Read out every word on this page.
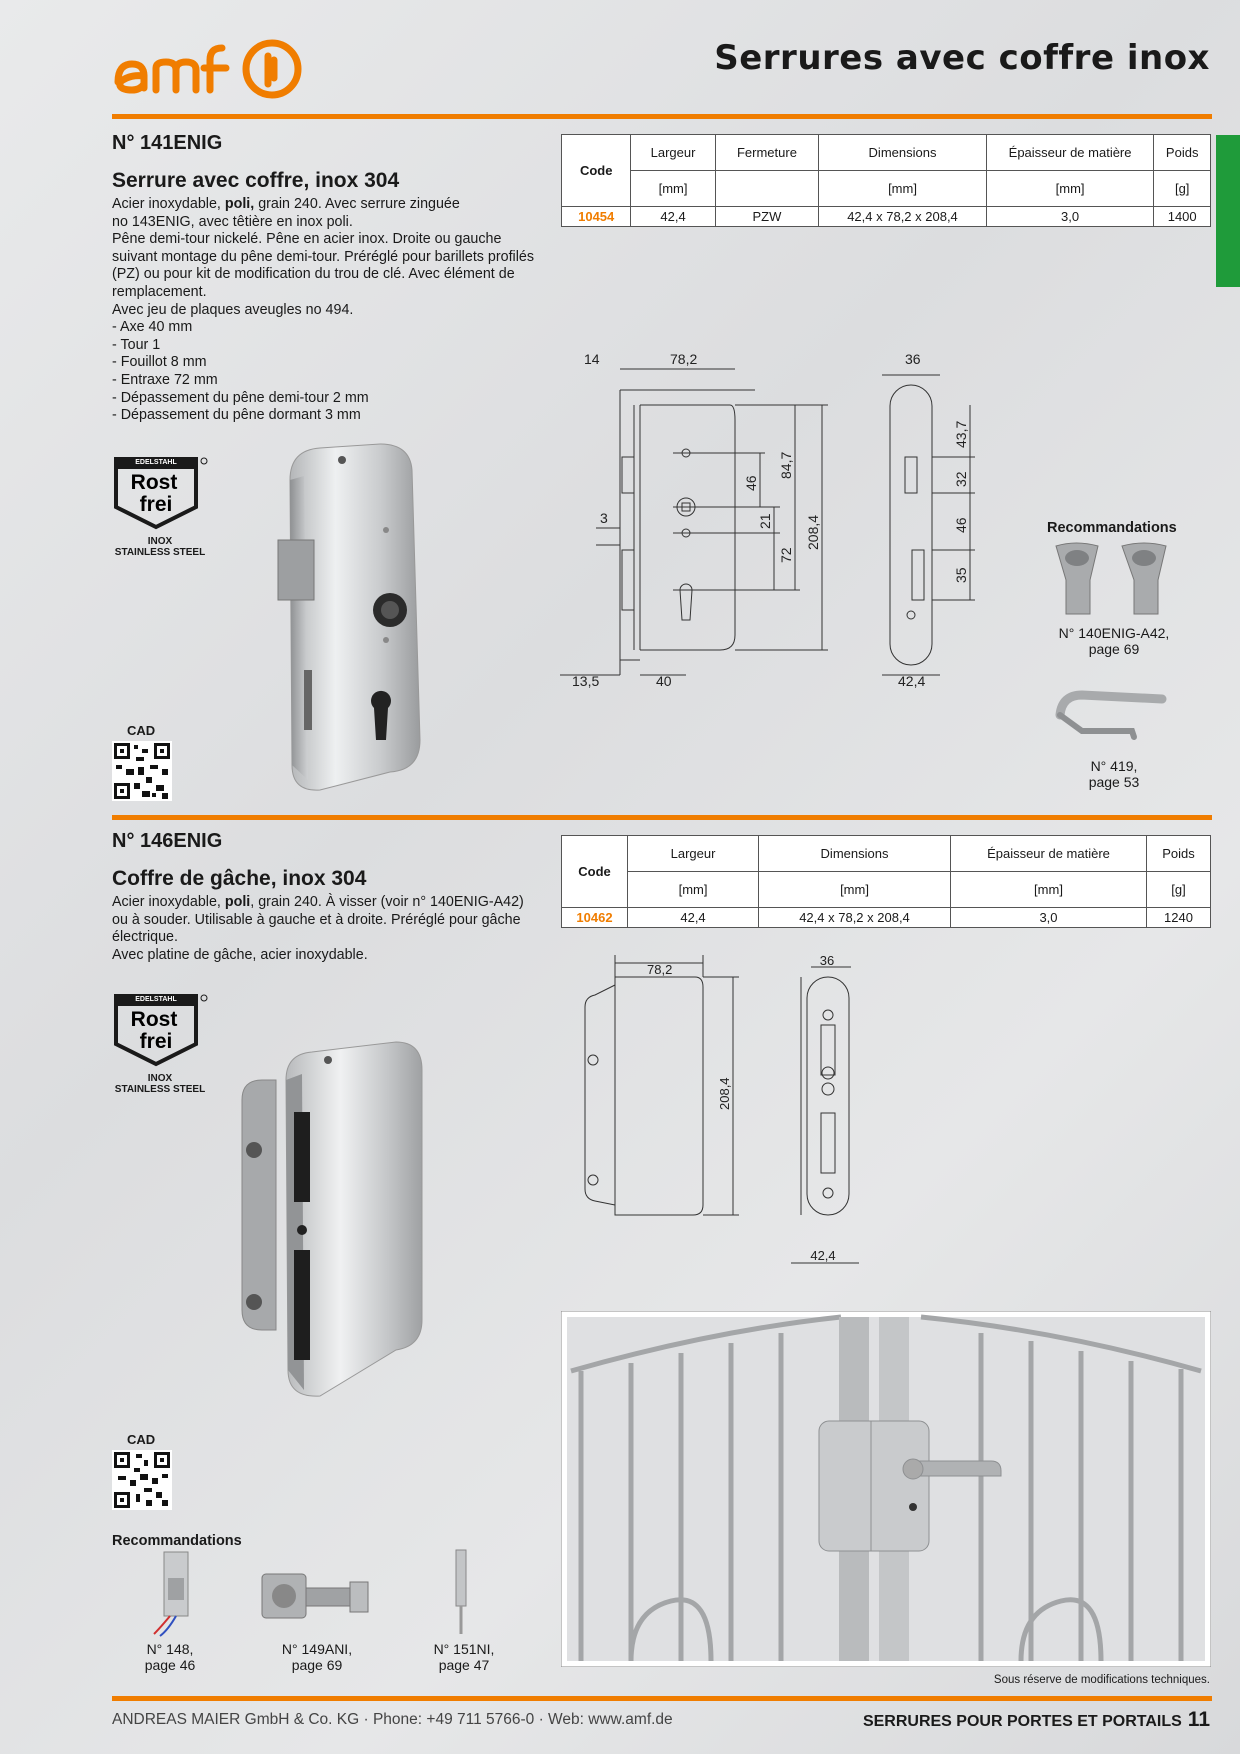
Serrures avec coffre inox
N° 141ENIG
Serrure avec coffre, inox 304
Acier inoxydable, poli, grain 240. Avec serrure zinguée
no 143ENIG, avec têtière en inox poli.
Pêne demi-tour nickelé. Pêne en acier inox. Droite ou gauche
suivant montage du pêne demi-tour. Préréglé pour barillets profilés
(PZ) ou pour kit de modification du trou de clé. Avec élément de
remplacement.
Avec jeu de plaques aveugles no 494.
- Axe 40 mm
- Tour 1
- Fouillot 8 mm
- Entraxe 72 mm
- Dépassement du pêne demi-tour 2 mm
- Dépassement du pêne dormant 3 mm
Code	Largeur	Fermeture	Dimensions	Épaisseur de matière	Poids
	[mm]		[mm]	[mm]	[g]
10454	42,4	PZW	42,4 x 78,2 x 208,4	3,0	1400
EDELSTAHL
Rost
frei
INOX
STAINLESS STEEL
CAD
14	78,2	36
3
46
84,7
21
72
208,4
43,7
32
46
35
13,5	40	42,4
Recommandations
N° 140ENIG-A42,
page 69
N° 419,
page 53
N° 146ENIG
Coffre de gâche, inox 304
Acier inoxydable, poli, grain 240. À visser (voir n° 140ENIG-A42)
ou à souder. Utilisable à gauche et à droite. Préréglé pour gâche
électrique.
Avec platine de gâche, acier inoxydable.
Code	Largeur	Dimensions	Épaisseur de matière	Poids
	[mm]	[mm]	[mm]	[g]
10462	42,4	42,4 x 78,2 x 208,4	3,0	1240
EDELSTAHL
Rost
frei
INOX
STAINLESS STEEL
CAD
Recommandations
N° 148,
page 46
N° 149ANI,
page 69
N° 151NI,
page 47
78,2
36
208,4
42,4
Sous réserve de modifications techniques.
ANDREAS MAIER GmbH & Co. KG · Phone: +49 711 5766-0 · Web: www.amf.de	SERRURES POUR PORTES ET PORTAILS 11
